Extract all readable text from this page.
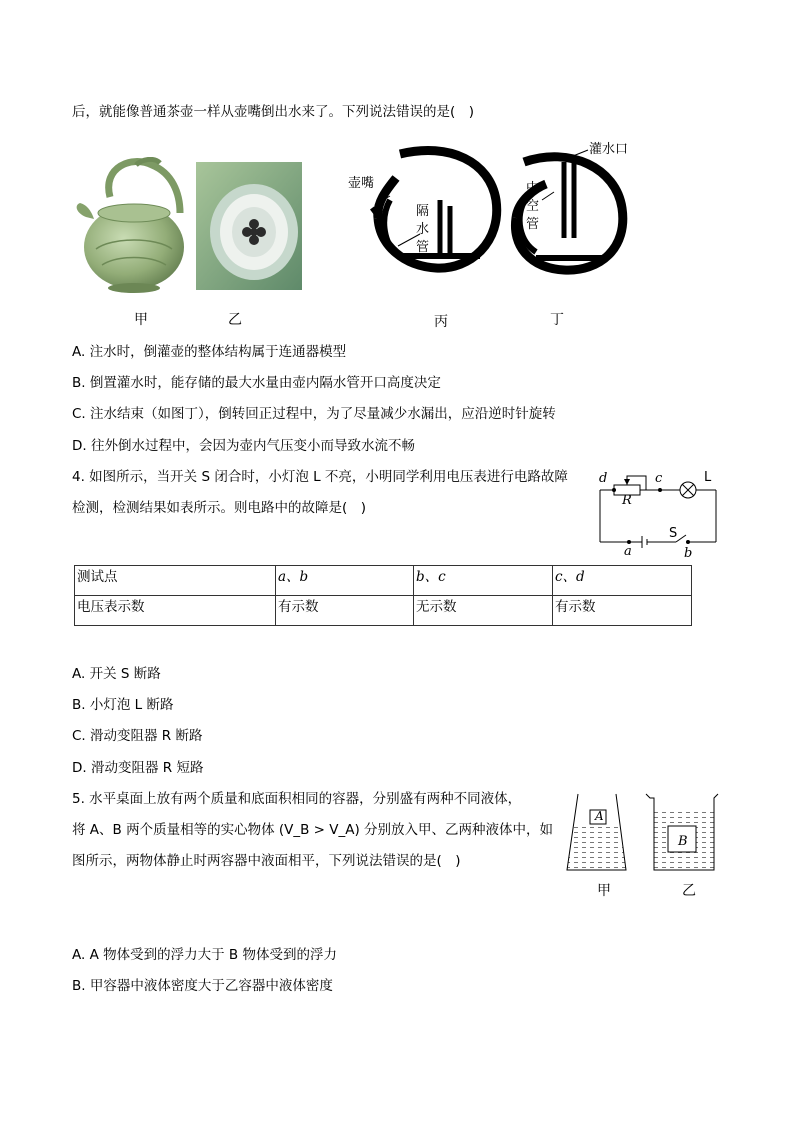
后，就能像普通茶壶一样从壶嘴倒出水来了。下列说法错误的是(　)
壶嘴
隔
水
管
灌水口
中
空
管
甲	乙	丙	丁
A. 注水时，倒灌壶的整体结构属于连通器模型
B. 倒置灌水时，能存储的最大水量由壶内隔水管开口高度决定
C. 注水结束（如图丁），倒转回正过程中，为了尽量减少水漏出，应沿逆时针旋转
D. 往外倒水过程中，会因为壶内气压变小而导致水流不畅
4. 如图所示，当开关 S 闭合时，小灯泡 L 不亮，小明同学利用电压表进行电路故障
检测，检测结果如表所示。则电路中的故障是(　)
d	c	L
R
S
a	b
测试点	a、b	b、c	c、d
电压表示数	有示数	无示数	有示数
A. 开关 S 断路
B. 小灯泡 L 断路
C. 滑动变阻器 R 断路
D. 滑动变阻器 R 短路
5. 水平桌面上放有两个质量和底面积相同的容器，分别盛有两种不同液体，
将 A、B 两个质量相等的实心物体 (V_B > V_A) 分别放入甲、乙两种液体中，如
图所示，两物体静止时两容器中液面相平，下列说法错误的是(　)
A
B
甲	乙
A. A 物体受到的浮力大于 B 物体受到的浮力
B. 甲容器中液体密度大于乙容器中液体密度
